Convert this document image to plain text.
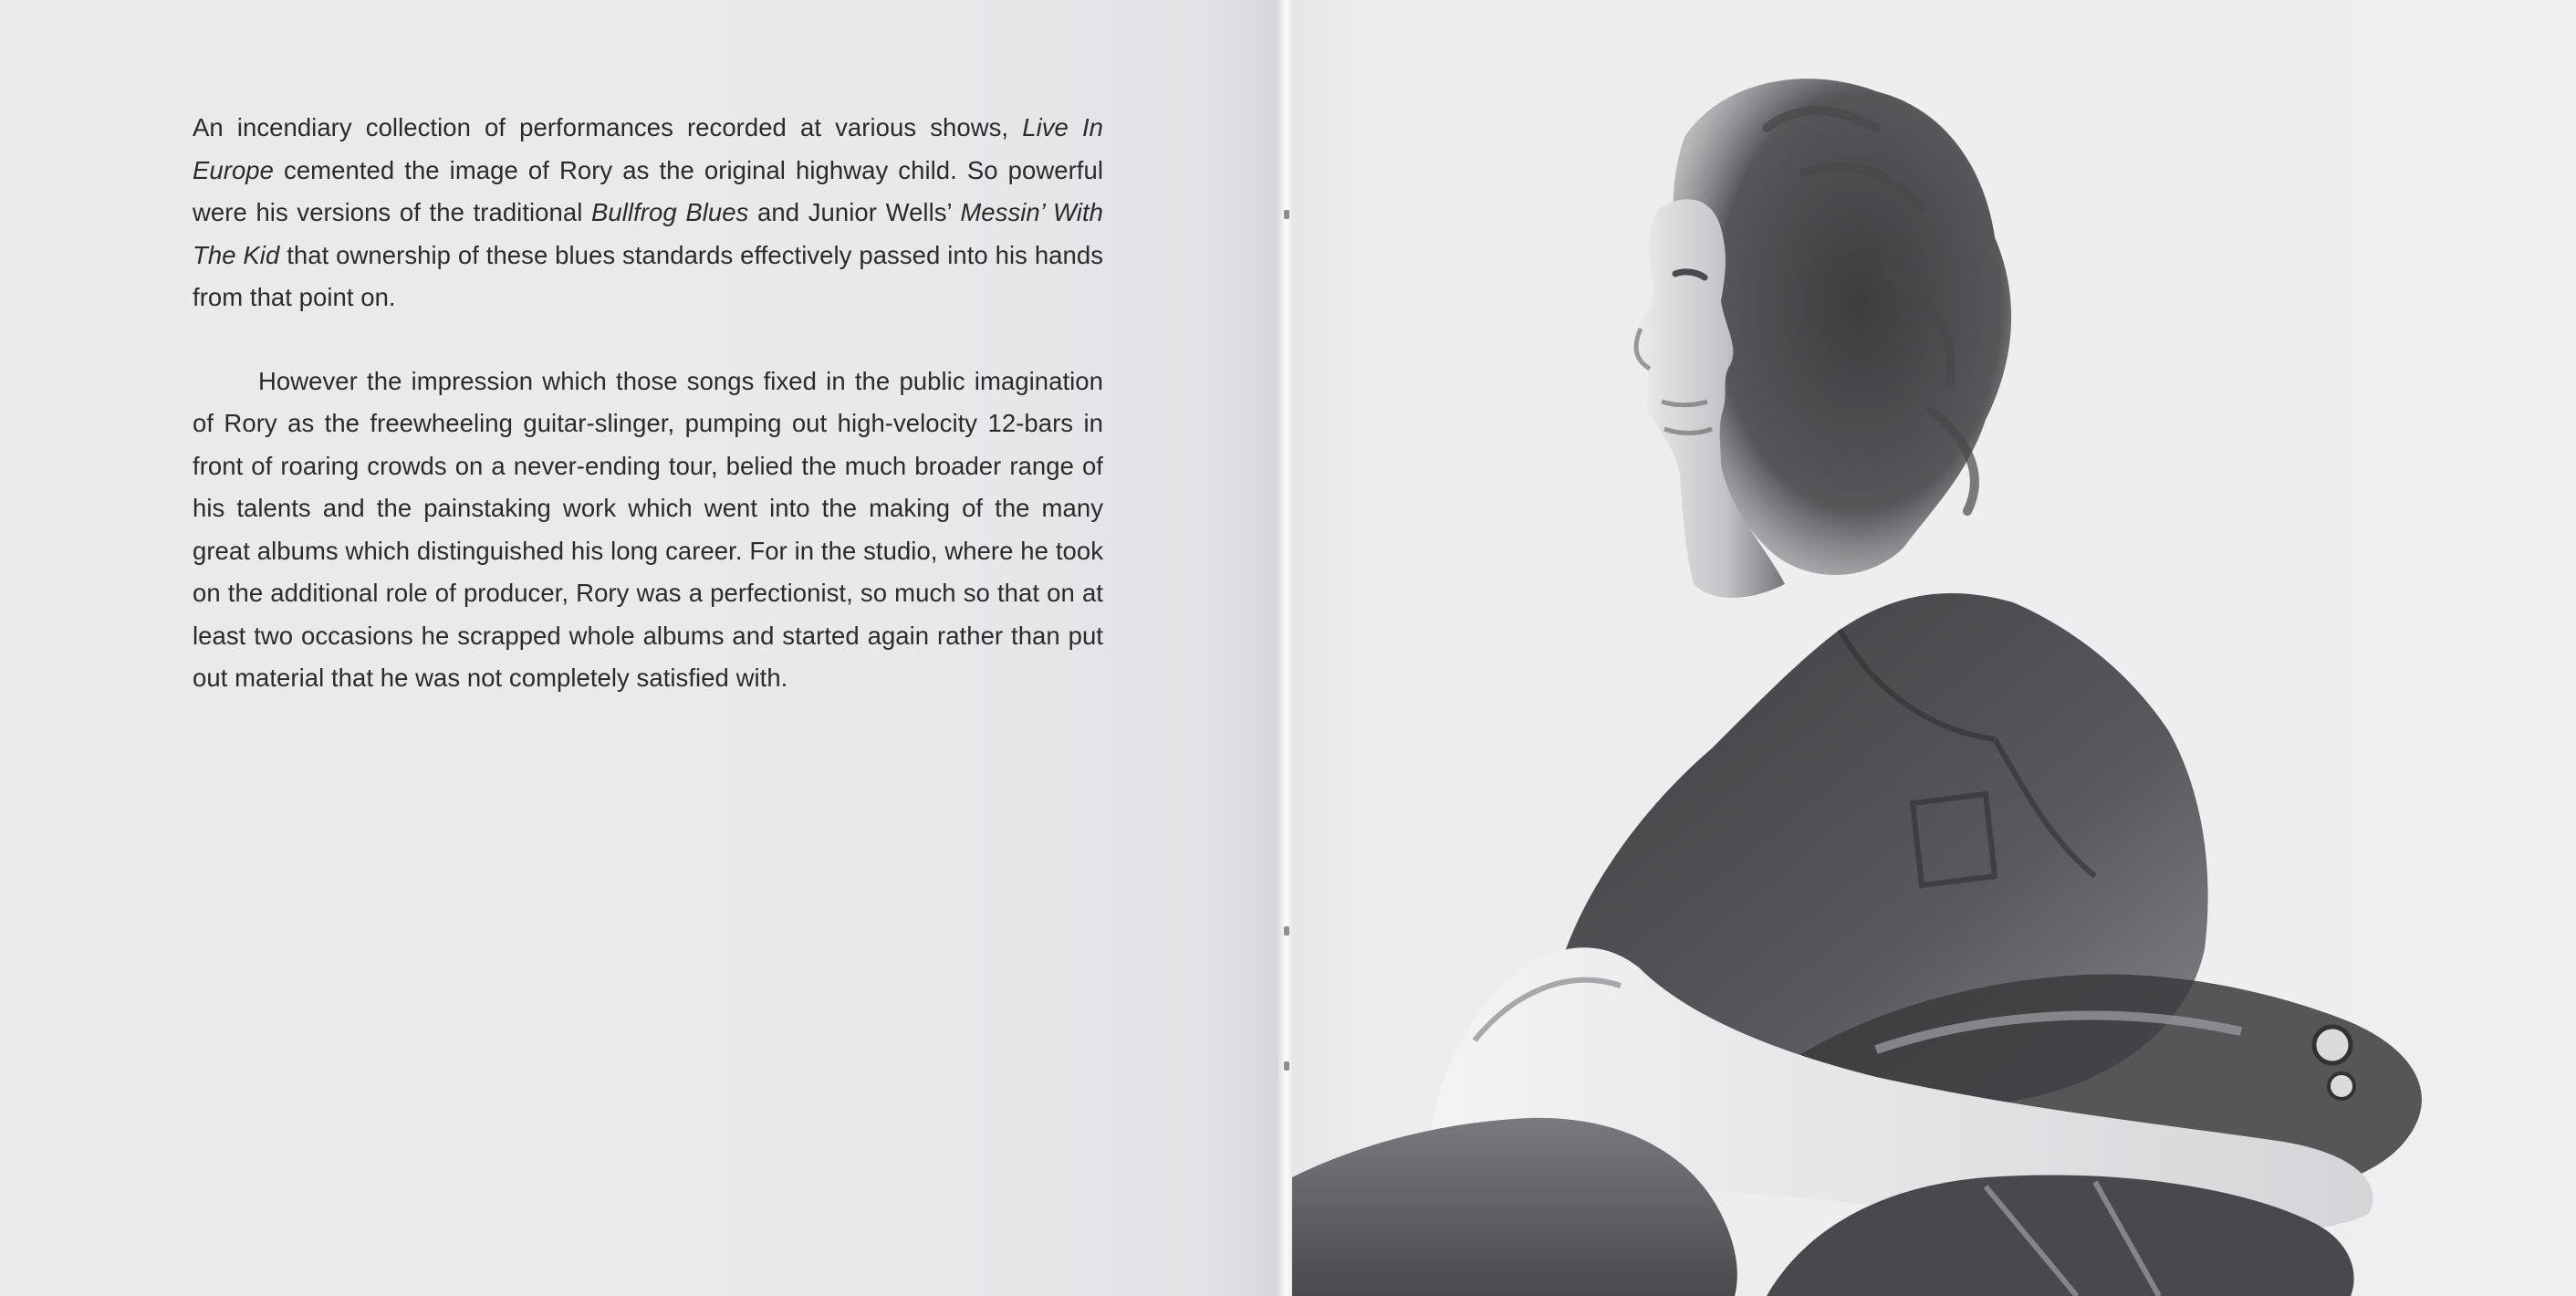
An incendiary collection of performances recorded at various shows, Live In Europe cemented the image of Rory as the original highway child. So powerful were his versions of the traditional Bullfrog Blues and Junior Wells’ Messin’ With The Kid that ownership of these blues standards effectively passed into his hands from that point on.

However the impression which those songs fixed in the public imagination of Rory as the freewheeling guitar-slinger, pumping out high-velocity 12-bars in front of roaring crowds on a never-ending tour, belied the much broader range of his talents and the painstaking work which went into the making of the many great albums which distinguished his long career. For in the studio, where he took on the additional role of producer, Rory was a perfectionist, so much so that on at least two occasions he scrapped whole albums and started again rather than put out material that he was not completely satisfied with.
